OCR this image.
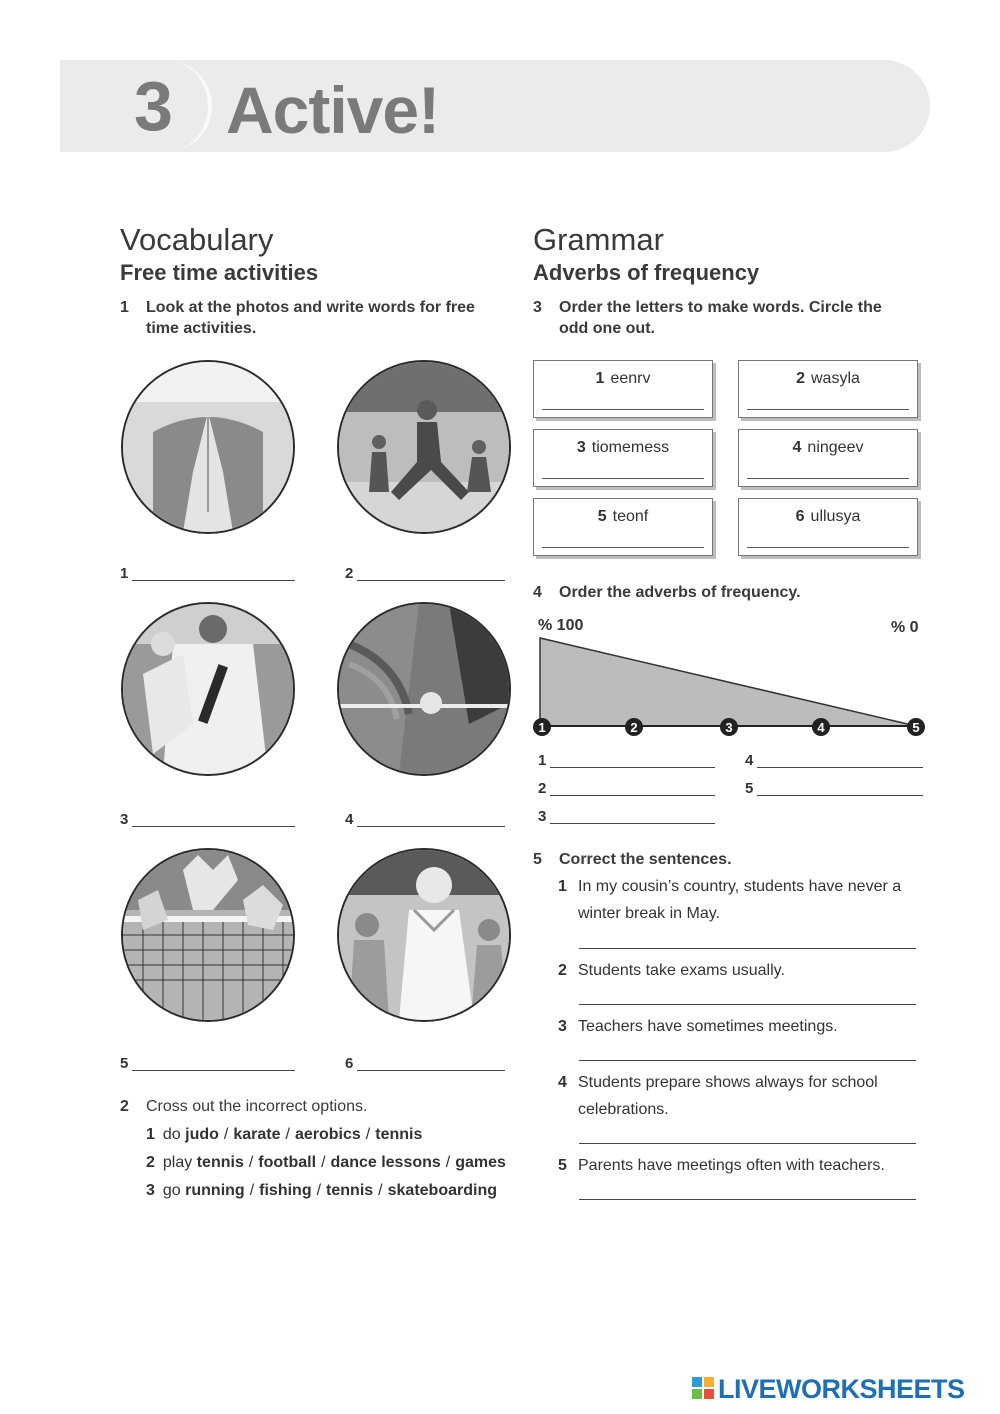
3 Active!
Vocabulary
Free time activities
1 Look at the photos and write words for free time activities.
1	2
3	4
5	6
2 Cross out the incorrect options.
1 do judo / karate / aerobics / tennis
2 play tennis / football / dance lessons / games
3 go running / fishing / tennis / skateboarding
Grammar
Adverbs of frequency
3 Order the letters to make words. Circle the odd one out.
1 eenrv	2 wasyla
3 tiomemess	4 ningeev
5 teonf	6 ullusya
4 Order the adverbs of frequency.
% 100	% 0
1	2	3	4	5
1	4
2	5
3
5 Correct the sentences.
1 In my cousin’s country, students have never a winter break in May.
2 Students take exams usually.
3 Teachers have sometimes meetings.
4 Students prepare shows always for school celebrations.
5 Parents have meetings often with teachers.
LIVEWORKSHEETS
